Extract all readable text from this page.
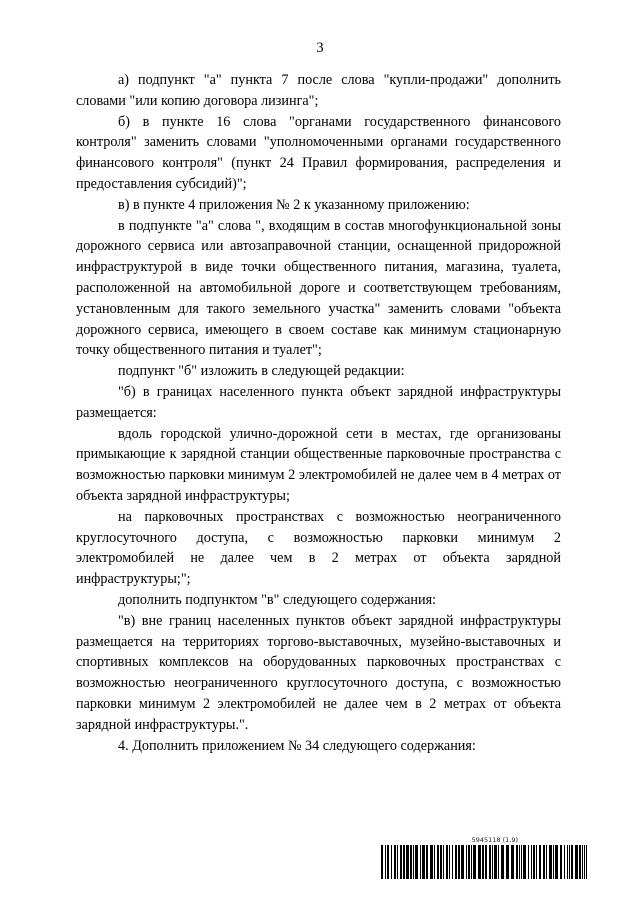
3

а) подпункт "а" пункта 7 после слова "купли-продажи" дополнить словами "или копию договора лизинга";

б) в пункте 16 слова "органами государственного финансового контроля" заменить словами "уполномоченными органами государственного финансового контроля" (пункт 24 Правил формирования, распределения и предоставления субсидий)";

в) в пункте 4 приложения № 2 к указанному приложению:

в подпункте "а" слова ", входящим в состав многофункциональной зоны дорожного сервиса или автозаправочной станции, оснащенной придорожной инфраструктурой в виде точки общественного питания, магазина, туалета, расположенной на автомобильной дороге и соответствующем требованиям, установленным для такого земельного участка" заменить словами "объекта дорожного сервиса, имеющего в своем составе как минимум стационарную точку общественного питания и туалет";

подпункт "б" изложить в следующей редакции:

"б) в границах населенного пункта объект зарядной инфраструктуры размещается:

вдоль городской улично-дорожной сети в местах, где организованы примыкающие к зарядной станции общественные парковочные пространства с возможностью парковки минимум 2 электромобилей не далее чем в 4 метрах от объекта зарядной инфраструктуры;

на парковочных пространствах с возможностью неограниченного круглосуточного доступа, с возможностью парковки минимум 2 электромобилей не далее чем в 2 метрах от объекта зарядной инфраструктуры;";

дополнить подпунктом "в" следующего содержания:

"в) вне границ населенных пунктов объект зарядной инфраструктуры размещается на территориях торгово-выставочных, музейно-выставочных и спортивных комплексов на оборудованных парковочных пространствах с возможностью неограниченного круглосуточного доступа, с возможностью парковки минимум 2 электромобилей не далее чем в 2 метрах от объекта зарядной инфраструктуры.".

4. Дополнить приложением № 34 следующего содержания:

5945118 (1.9)
